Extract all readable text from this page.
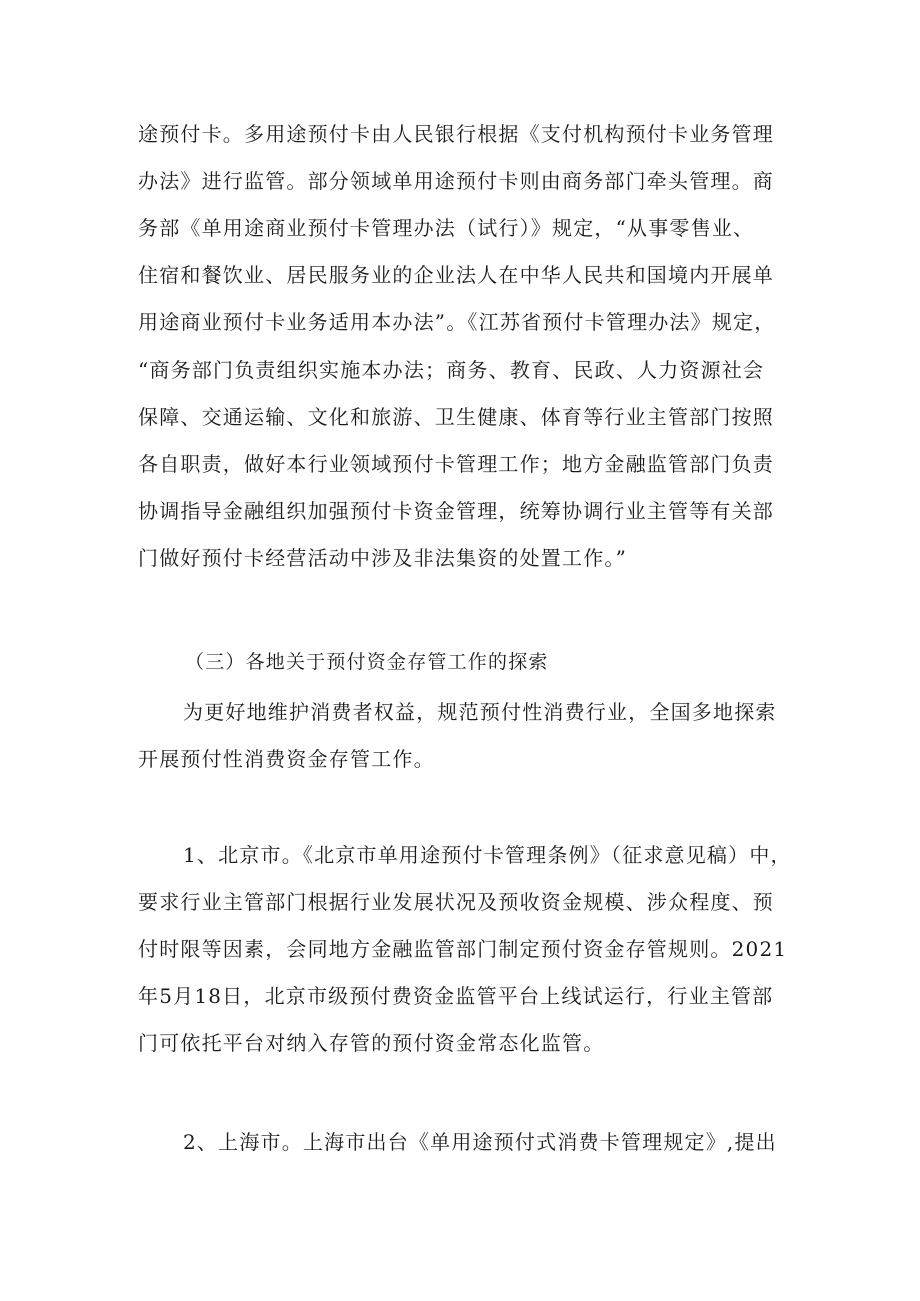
途预付卡。多用途预付卡由人民银行根据《支付机构预付卡业务管理
办法》进行监管。部分领域单用途预付卡则由商务部门牵头管理。商
务部《单用途商业预付卡管理办法（试行）》规定，“从事零售业、
住宿和餐饮业、居民服务业的企业法人在中华人民共和国境内开展单
用途商业预付卡业务适用本办法”。《江苏省预付卡管理办法》规定，
“商务部门负责组织实施本办法；商务、教育、民政、人力资源社会
保障、交通运输、文化和旅游、卫生健康、体育等行业主管部门按照
各自职责，做好本行业领域预付卡管理工作；地方金融监管部门负责
协调指导金融组织加强预付卡资金管理，统筹协调行业主管等有关部
门做好预付卡经营活动中涉及非法集资的处置工作。”
（三）各地关于预付资金存管工作的探索
为更好地维护消费者权益，规范预付性消费行业，全国多地探索
开展预付性消费资金存管工作。
1、北京市。《北京市单用途预付卡管理条例》（征求意见稿）中，
要求行业主管部门根据行业发展状况及预收资金规模、涉众程度、预
付时限等因素，会同地方金融监管部门制定预付资金存管规则。2021
年5月18日，北京市级预付费资金监管平台上线试运行，行业主管部
门可依托平台对纳入存管的预付资金常态化监管。
2、上海市。上海市出台《单用途预付式消费卡管理规定》,提出
